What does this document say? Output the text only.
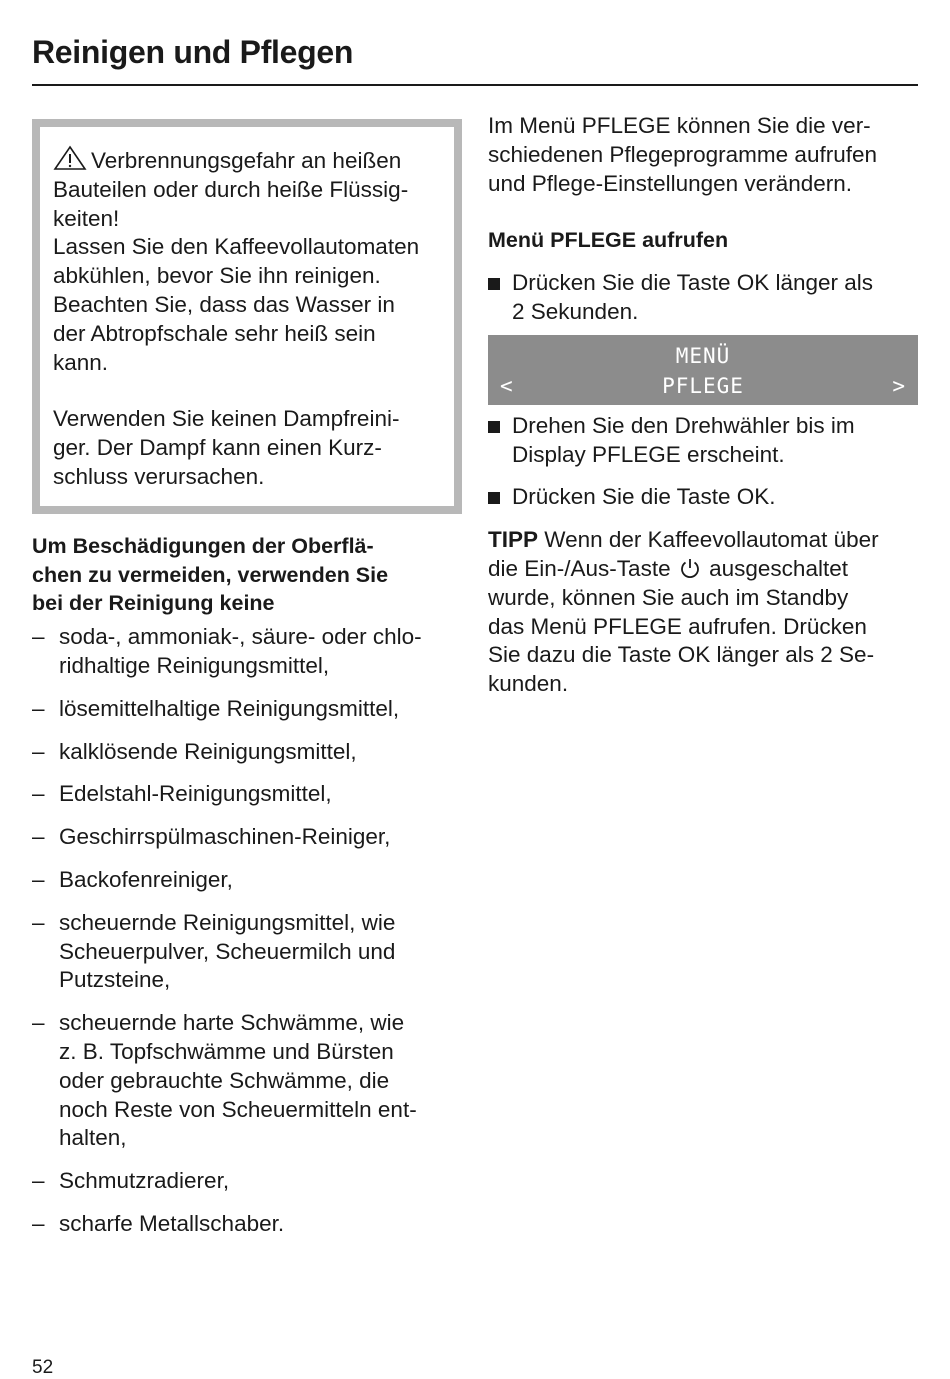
Reinigen und Pflegen

Verbrennungsgefahr an heißen
Bauteilen oder durch heiße Flüssig-
keiten!
Lassen Sie den Kaffeevollautomaten
abkühlen, bevor Sie ihn reinigen.
Beachten Sie, dass das Wasser in
der Abtropfschale sehr heiß sein
kann.

Verwenden Sie keinen Dampfreini-
ger. Der Dampf kann einen Kurz-
schluss verursachen.

Um Beschädigungen der Oberflä-
chen zu vermeiden, verwenden Sie
bei der Reinigung keine

– soda-, ammoniak-, säure- oder chlo-
ridhaltige Reinigungsmittel,
– lösemittelhaltige Reinigungsmittel,
– kalklösende Reinigungsmittel,
– Edelstahl-Reinigungsmittel,
– Geschirrspülmaschinen-Reiniger,
– Backofenreiniger,
– scheuernde Reinigungsmittel, wie
Scheuerpulver, Scheuermilch und
Putzsteine,
– scheuernde harte Schwämme, wie
z. B. Topfschwämme und Bürsten
oder gebrauchte Schwämme, die
noch Reste von Scheuermitteln ent-
halten,
– Schmutzradierer,
– scharfe Metallschaber.

Im Menü PFLEGE können Sie die ver-
schiedenen Pflegeprogramme aufrufen
und Pflege-Einstellungen verändern.

Menü PFLEGE aufrufen

Drücken Sie die Taste OK länger als
2 Sekunden.
MENÜ
<	PFLEGE	>
Drehen Sie den Drehwähler bis im
Display PFLEGE erscheint.
Drücken Sie die Taste OK.

TIPP Wenn der Kaffeevollautomat über
die Ein-/Aus-Taste ausgeschaltet
wurde, können Sie auch im Standby
das Menü PFLEGE aufrufen. Drücken
Sie dazu die Taste OK länger als 2 Se-
kunden.

52
